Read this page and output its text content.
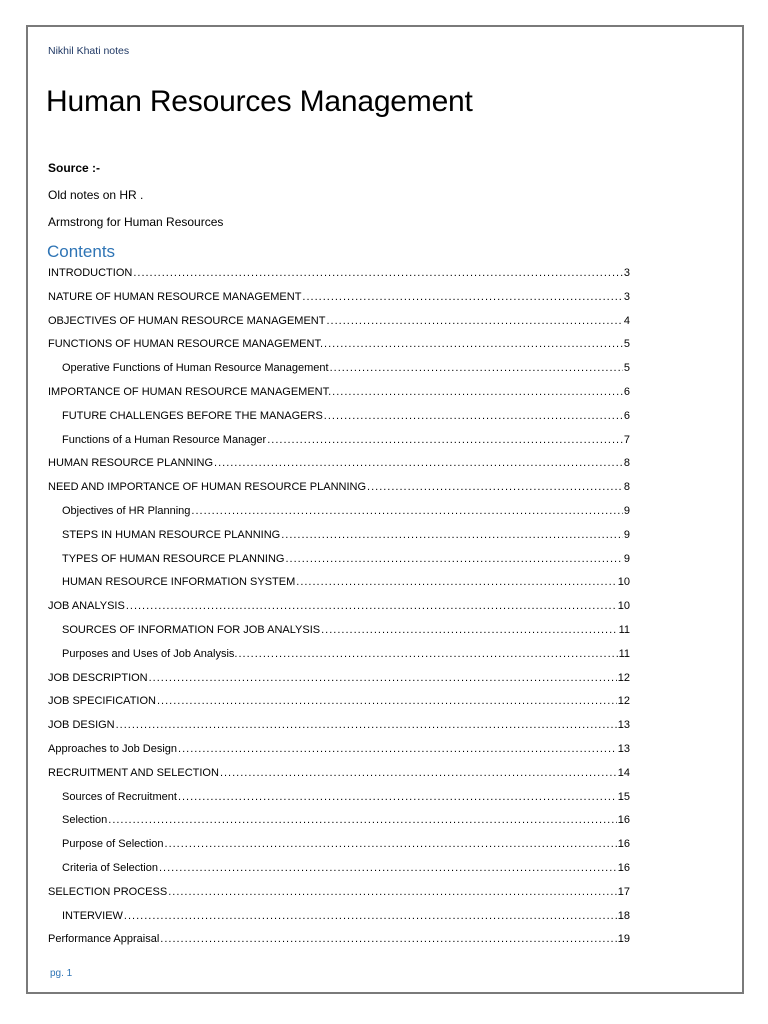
Nikhil Khati notes
Human Resources Management
Source :-
Old notes on HR .
Armstrong for Human Resources
Contents
INTRODUCTION .....	3
NATURE OF HUMAN RESOURCE MANAGEMENT .....	3
OBJECTIVES OF HUMAN RESOURCE MANAGEMENT .....	4
FUNCTIONS OF HUMAN RESOURCE MANAGEMENT. .....	5
Operative Functions of Human Resource Management .....	5
IMPORTANCE OF HUMAN RESOURCE MANAGEMENT. .....	6
FUTURE CHALLENGES BEFORE THE MANAGERS .....	6
Functions of a Human Resource Manager .....	7
HUMAN RESOURCE PLANNING .....	8
NEED AND IMPORTANCE OF HUMAN RESOURCE PLANNING .....	8
Objectives of HR Planning .....	9
STEPS IN HUMAN RESOURCE PLANNING .....	9
TYPES OF HUMAN RESOURCE PLANNING .....	9
HUMAN RESOURCE INFORMATION SYSTEM .....	10
JOB ANALYSIS .....	10
SOURCES OF INFORMATION FOR JOB ANALYSIS .....	11
Purposes and Uses of Job Analysis. .....	11
JOB DESCRIPTION .....	12
JOB SPECIFICATION .....	12
JOB DESIGN .....	13
Approaches to Job Design .....	13
RECRUITMENT AND SELECTION .....	14
Sources of Recruitment .....	15
Selection .....	16
Purpose of Selection .....	16
Criteria of Selection .....	16
SELECTION PROCESS .....	17
INTERVIEW .....	18
Performance Appraisal .....	19
pg. 1
